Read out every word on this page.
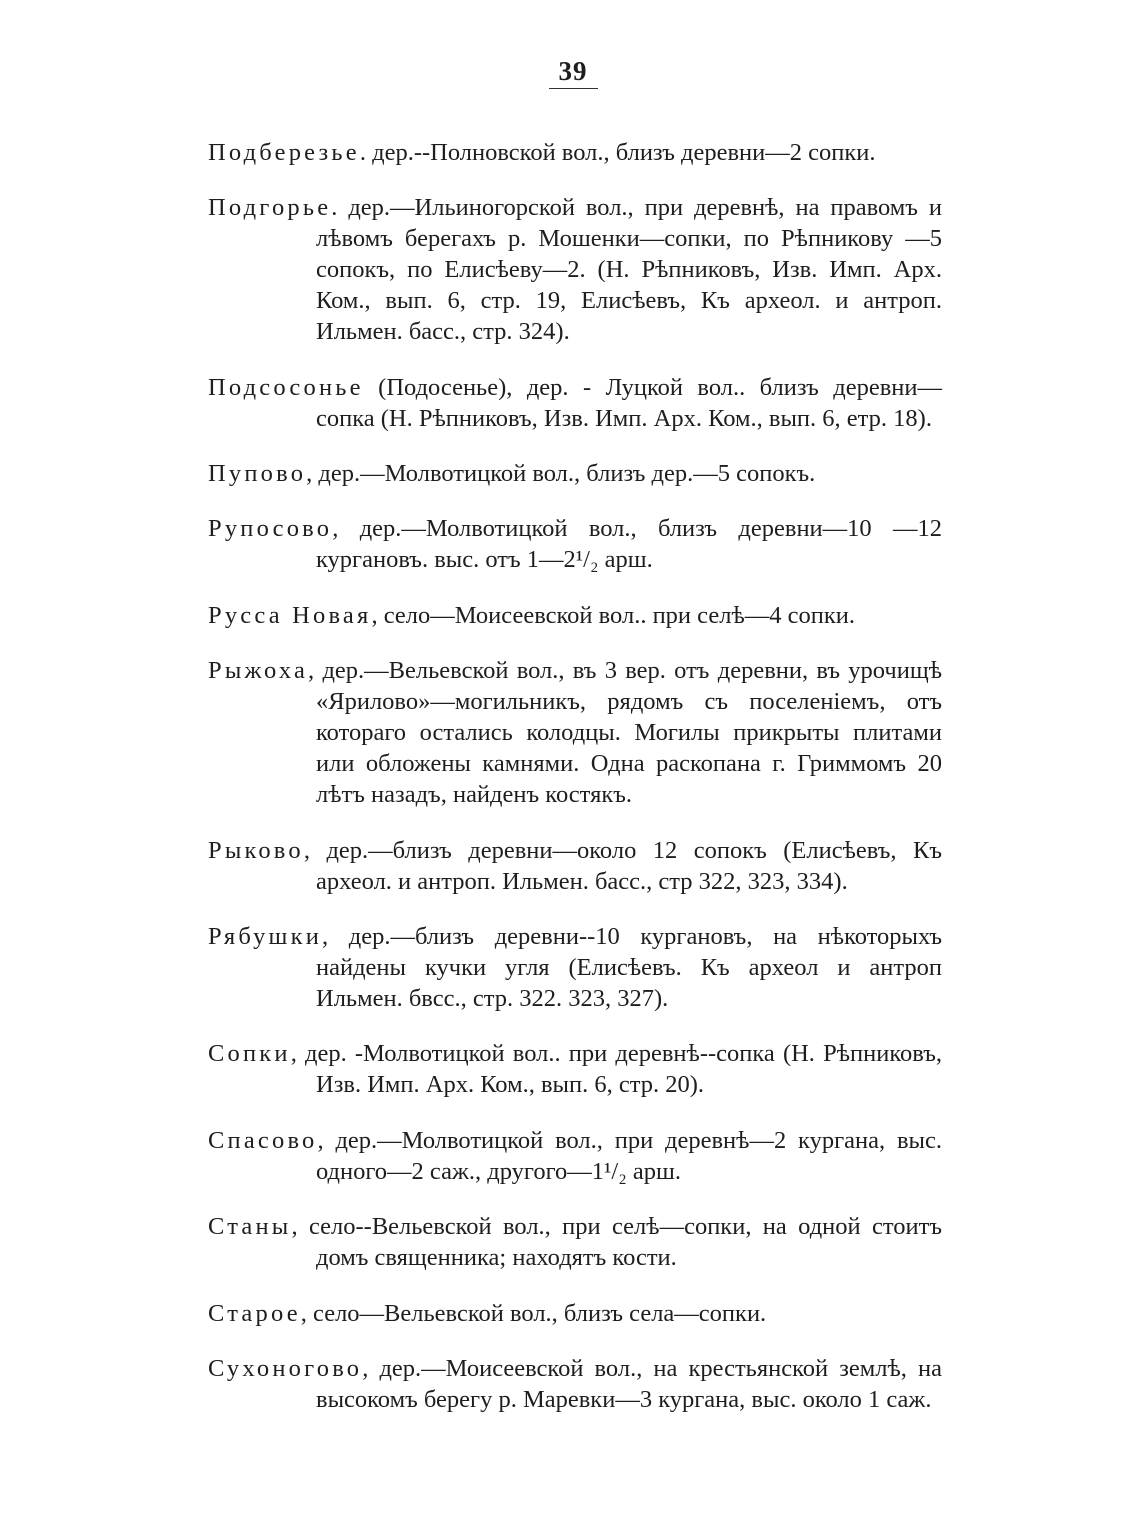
39

Подберезье. дер.--Полновской вол., близъ деревни—2 сопки.

Подгорье. дер.—Ильиногорской вол., при деревнѣ, на правомъ и лѣвомъ берегахъ р. Мошенки—сопки, по Рѣпникову —5 сопокъ, по Елисѣеву—2. (Н. Рѣпниковъ, Изв. Имп. Арх. Ком., вып. 6, стр. 19, Елисѣевъ, Къ археол. и антроп. Ильмен. басс., стр. 324).

Подсосонье (Подосенье), дер. - Луцкой вол.. близъ деревни—сопка (Н. Рѣпниковъ, Изв. Имп. Арх. Ком., вып. 6, етр. 18).

Пупово, дер.—Молвотицкой вол., близъ дер.—5 сопокъ.

Рупосово, дер.—Молвотицкой вол., близъ деревни—10 —12 кургановъ. выс. отъ 1—2¹/₂ арш.

Русса Новая, село—Моисеевской вол.. при селѣ—4 сопки.

Рыжоха, дер.—Вельевской вол., въ 3 вер. отъ деревни, въ урочищѣ «Ярилово»—могильникъ, рядомъ съ поселеніемъ, отъ котораго остались колодцы. Могилы прикрыты плитами или обложены камнями. Одна раскопана г. Гриммомъ 20 лѣтъ назадъ, найденъ костякъ.

Рыково, дер.—близъ деревни—около 12 сопокъ (Елисѣевъ, Къ археол. и антроп. Ильмен. басс., стр 322, 323, 334).

Рябушки, дер.—близъ деревни--10 кургановъ, на нѣкоторыхъ найдены кучки угля (Елисѣевъ. Къ археол и антроп Ильмен. бвсс., стр. 322. 323, 327).

Сопки, дер. -Молвотицкой вол.. при деревнѣ--сопка (Н. Рѣпниковъ, Изв. Имп. Арх. Ком., вып. 6, стр. 20).

Спасово, дер.—Молвотицкой вол., при деревнѣ—2 кургана, выс. одного—2 саж., другого—1¹/₂ арш.

Станы, село--Вельевской вол., при селѣ—сопки, на одной стоитъ домъ священника; находятъ кости.

Старое, село—Вельевской вол., близъ села—сопки.

Сухоногово, дер.—Моисеевской вол., на крестьянской землѣ, на высокомъ берегу р. Маревки—3 кургана, выс. около 1 саж.
